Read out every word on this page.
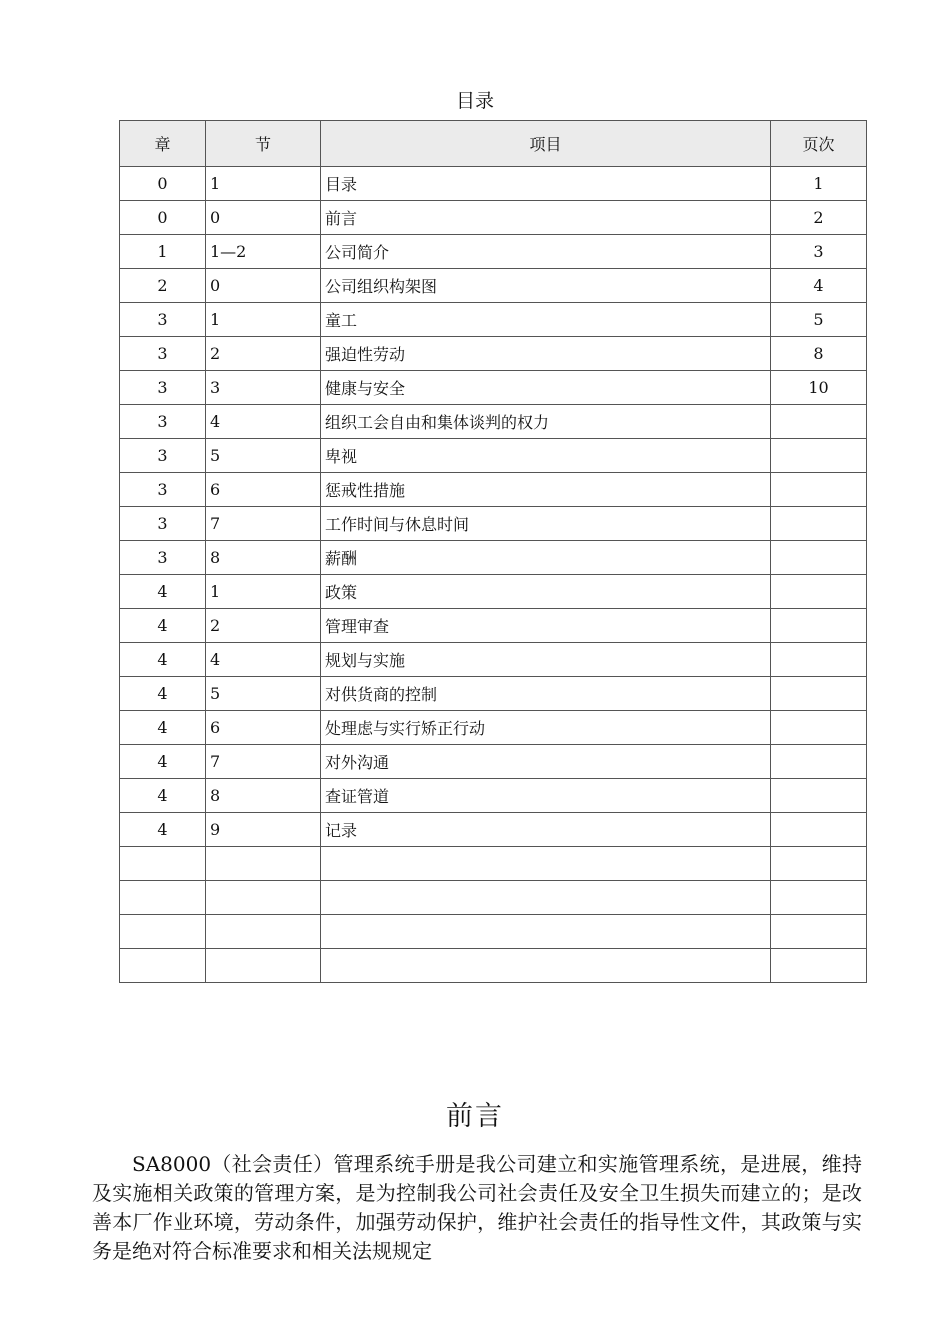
目录
章	节	项目	页次
0	1	目录	1
0	0	前言	2
1	1—2	公司简介	3
2	0	公司组织构架图	4
3	1	童工	5
3	2	强迫性劳动	8
3	3	健康与安全	10
3	4	组织工会自由和集体谈判的权力	
3	5	卑视	
3	6	惩戒性措施	
3	7	工作时间与休息时间	
3	8	薪酬	
4	1	政策	
4	2	管理审查	
4	4	规划与实施	
4	5	对供货商的控制	
4	6	处理虑与实行矫正行动	
4	7	对外沟通	
4	8	查证管道	
4	9	记录	

前言
SA8000（社会责任）管理系统手册是我公司建立和实施管理系统，是进展，维持及实施相关政策的管理方案，是为控制我公司社会责任及安全卫生损失而建立的；是改善本厂作业环境，劳动条件，加强劳动保护，维护社会责任的指导性文件，其政策与实务是绝对符合标准要求和相关法规规定
